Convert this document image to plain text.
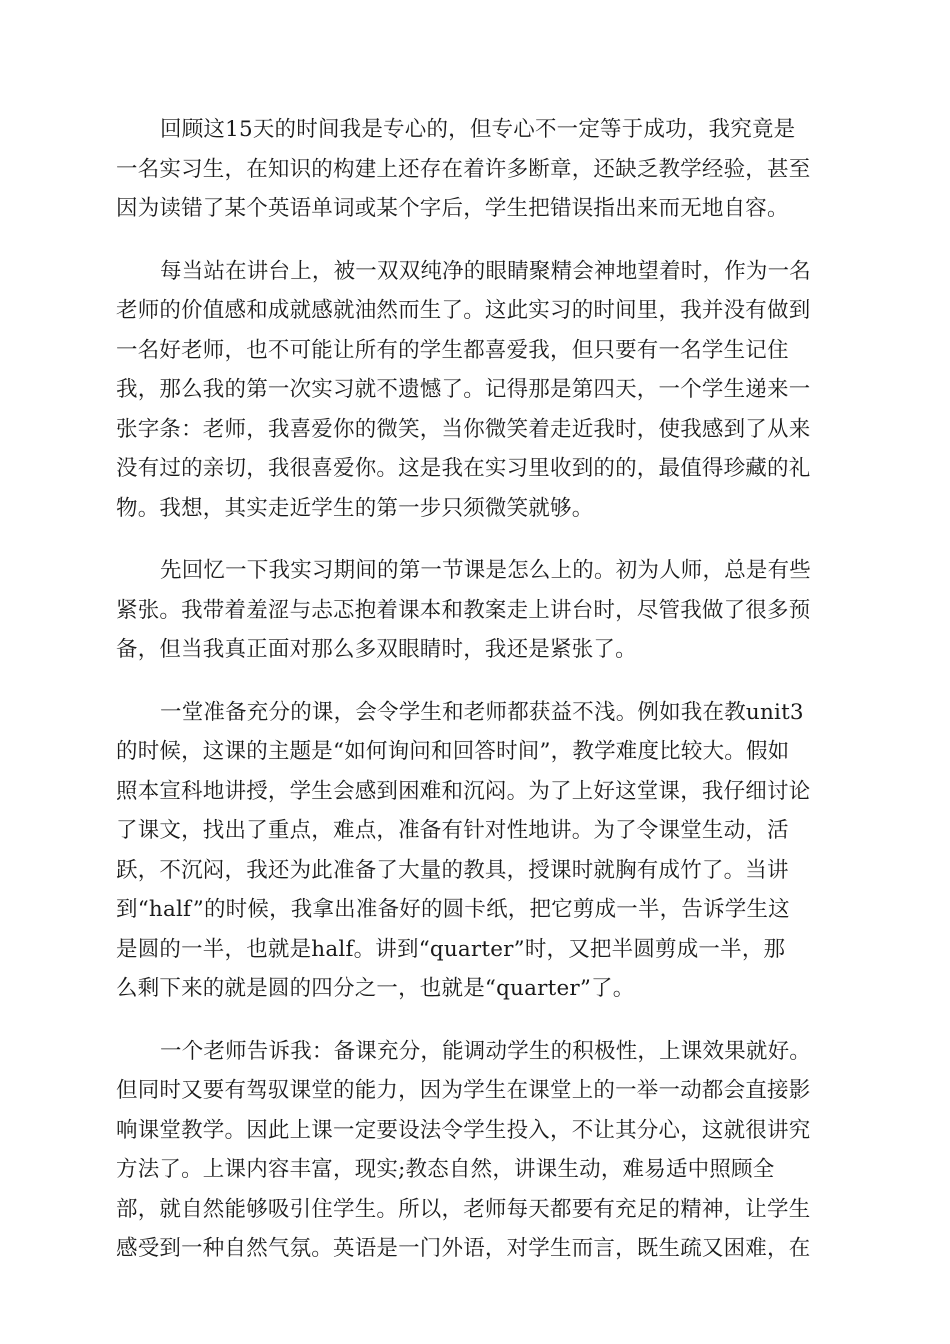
回顾这15天的时间我是专心的，但专心不一定等于成功，我究竟是
一名实习生，在知识的构建上还存在着许多断章，还缺乏教学经验，甚至
因为读错了某个英语单词或某个字后，学生把错误指出来而无地自容。
每当站在讲台上，被一双双纯净的眼睛聚精会神地望着时，作为一名
老师的价值感和成就感就油然而生了。这此实习的时间里，我并没有做到
一名好老师，也不可能让所有的学生都喜爱我，但只要有一名学生记住
我，那么我的第一次实习就不遗憾了。记得那是第四天，一个学生递来一
张字条：老师，我喜爱你的微笑，当你微笑着走近我时，使我感到了从来
没有过的亲切，我很喜爱你。这是我在实习里收到的的，最值得珍藏的礼
物。我想，其实走近学生的第一步只须微笑就够。
先回忆一下我实习期间的第一节课是怎么上的。初为人师，总是有些
紧张。我带着羞涩与忐忑抱着课本和教案走上讲台时，尽管我做了很多预
备，但当我真正面对那么多双眼睛时，我还是紧张了。
一堂准备充分的课，会令学生和老师都获益不浅。例如我在教unit3
的时候，这课的主题是“如何询问和回答时间”，教学难度比较大。假如
照本宣科地讲授，学生会感到困难和沉闷。为了上好这堂课，我仔细讨论
了课文，找出了重点，难点，准备有针对性地讲。为了令课堂生动，活
跃，不沉闷，我还为此准备了大量的教具，授课时就胸有成竹了。当讲
到“half”的时候，我拿出准备好的圆卡纸，把它剪成一半，告诉学生这
是圆的一半，也就是half。讲到“quarter”时，又把半圆剪成一半，那
么剩下来的就是圆的四分之一，也就是“quarter”了。
一个老师告诉我：备课充分，能调动学生的积极性，上课效果就好。
但同时又要有驾驭课堂的能力，因为学生在课堂上的一举一动都会直接影
响课堂教学。因此上课一定要设法令学生投入，不让其分心，这就很讲究
方法了。上课内容丰富，现实;教态自然，讲课生动，难易适中照顾全
部，就自然能够吸引住学生。所以，老师每天都要有充足的精神，让学生
感受到一种自然气氛。英语是一门外语，对学生而言，既生疏又困难，在
